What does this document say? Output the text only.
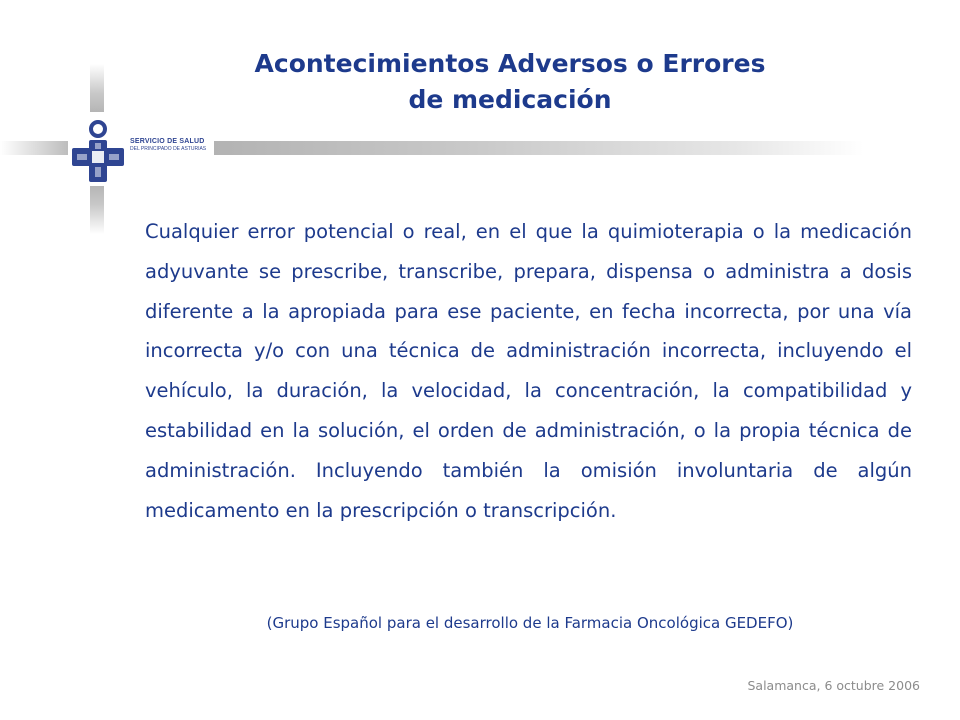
SERVICIO DE SALUD
DEL PRINCIPADO DE ASTURIAS
Acontecimientos Adversos o Errores
de medicación

Cualquier error potencial o real, en el que la quimioterapia o la medicación adyuvante se prescribe, transcribe, prepara, dispensa o administra a dosis diferente a la apropiada para ese paciente, en fecha incorrecta, por una vía incorrecta y/o con una técnica de administración incorrecta, incluyendo el vehículo, la duración, la velocidad, la concentración, la compatibilidad y estabilidad en la solución, el orden de administración, o la propia técnica de administración. Incluyendo también la omisión involuntaria de algún medicamento en la prescripción o transcripción.

(Grupo Español para el desarrollo de la Farmacia Oncológica GEDEFO)
Salamanca, 6 octubre 2006
